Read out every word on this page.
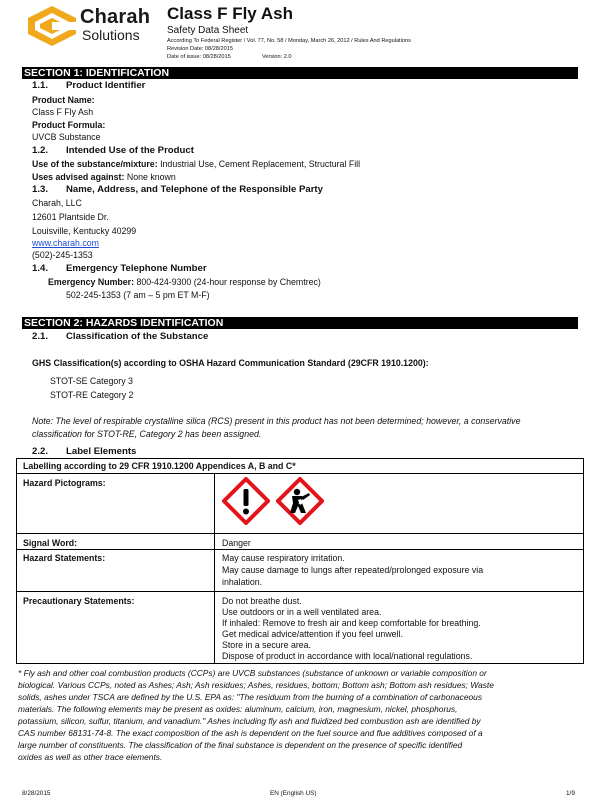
Charah
Solutions
Class F Fly Ash
Safety Data Sheet
According To Federal Register / Vol. 77, No. 58 / Monday, March 26, 2012 / Rules And Regulations
Revision Date: 08/28/2015
Date of issue: 08/28/2015	Version: 2.0
SECTION 1: IDENTIFICATION
1.1. Product Identifier
Product Name:
Class F Fly Ash
Product Formula:
UVCB Substance
1.2. Intended Use of the Product
Use of the substance/mixture: Industrial Use, Cement Replacement, Structural Fill
Uses advised against: None known
1.3. Name, Address, and Telephone of the Responsible Party
Charah, LLC
12601 Plantside Dr.
Louisville, Kentucky 40299
www.charah.com
(502)-245-1353
1.4. Emergency Telephone Number
Emergency Number: 800-424-9300 (24-hour response by Chemtrec)
502-245-1353 (7 am – 5 pm ET M-F)
SECTION 2: HAZARDS IDENTIFICATION
2.1. Classification of the Substance
GHS Classification(s) according to OSHA Hazard Communication Standard (29CFR 1910.1200):
STOT-SE Category 3
STOT-RE Category 2
Note: The level of respirable crystalline silica (RCS) present in this product has not been determined; however, a conservative
classification for STOT-RE, Category 2 has been assigned.
2.2. Label Elements
Labelling according to 29 CFR 1910.1200 Appendices A, B and C*
Hazard Pictograms:
Signal Word:	Danger
Hazard Statements:	May cause respiratory irritation.
May cause damage to lungs after repeated/prolonged exposure via
inhalation.
Precautionary Statements:	Do not breathe dust.
Use outdoors or in a well ventilated area.
If inhaled: Remove to fresh air and keep comfortable for breathing.
Get medical advice/attention if you feel unwell.
Store in a secure area.
Dispose of product in accordance with local/national regulations.
* Fly ash and other coal combustion products (CCPs) are UVCB substances (substance of unknown or variable composition or
biological. Various CCPs, noted as Ashes; Ash; Ash residues; Ashes, residues, bottom; Bottom ash; Bottom ash residues; Waste
solids, ashes under TSCA are defined by the U.S. EPA as: "The residuum from the burning of a combination of carbonaceous
materials. The following elements may be present as oxides: aluminum, calcium, iron, magnesium, nickel, phosphorus,
potassium, silicon, sulfur, titanium, and vanadium." Ashes including fly ash and fluidized bed combustion ash are identified by
CAS number 68131-74-8. The exact composition of the ash is dependent on the fuel source and flue additives composed of a
large number of constituents. The classification of the final substance is dependent on the presence of specific identified
oxides as well as other trace elements.
8/28/2015	EN (English US)	1/9
